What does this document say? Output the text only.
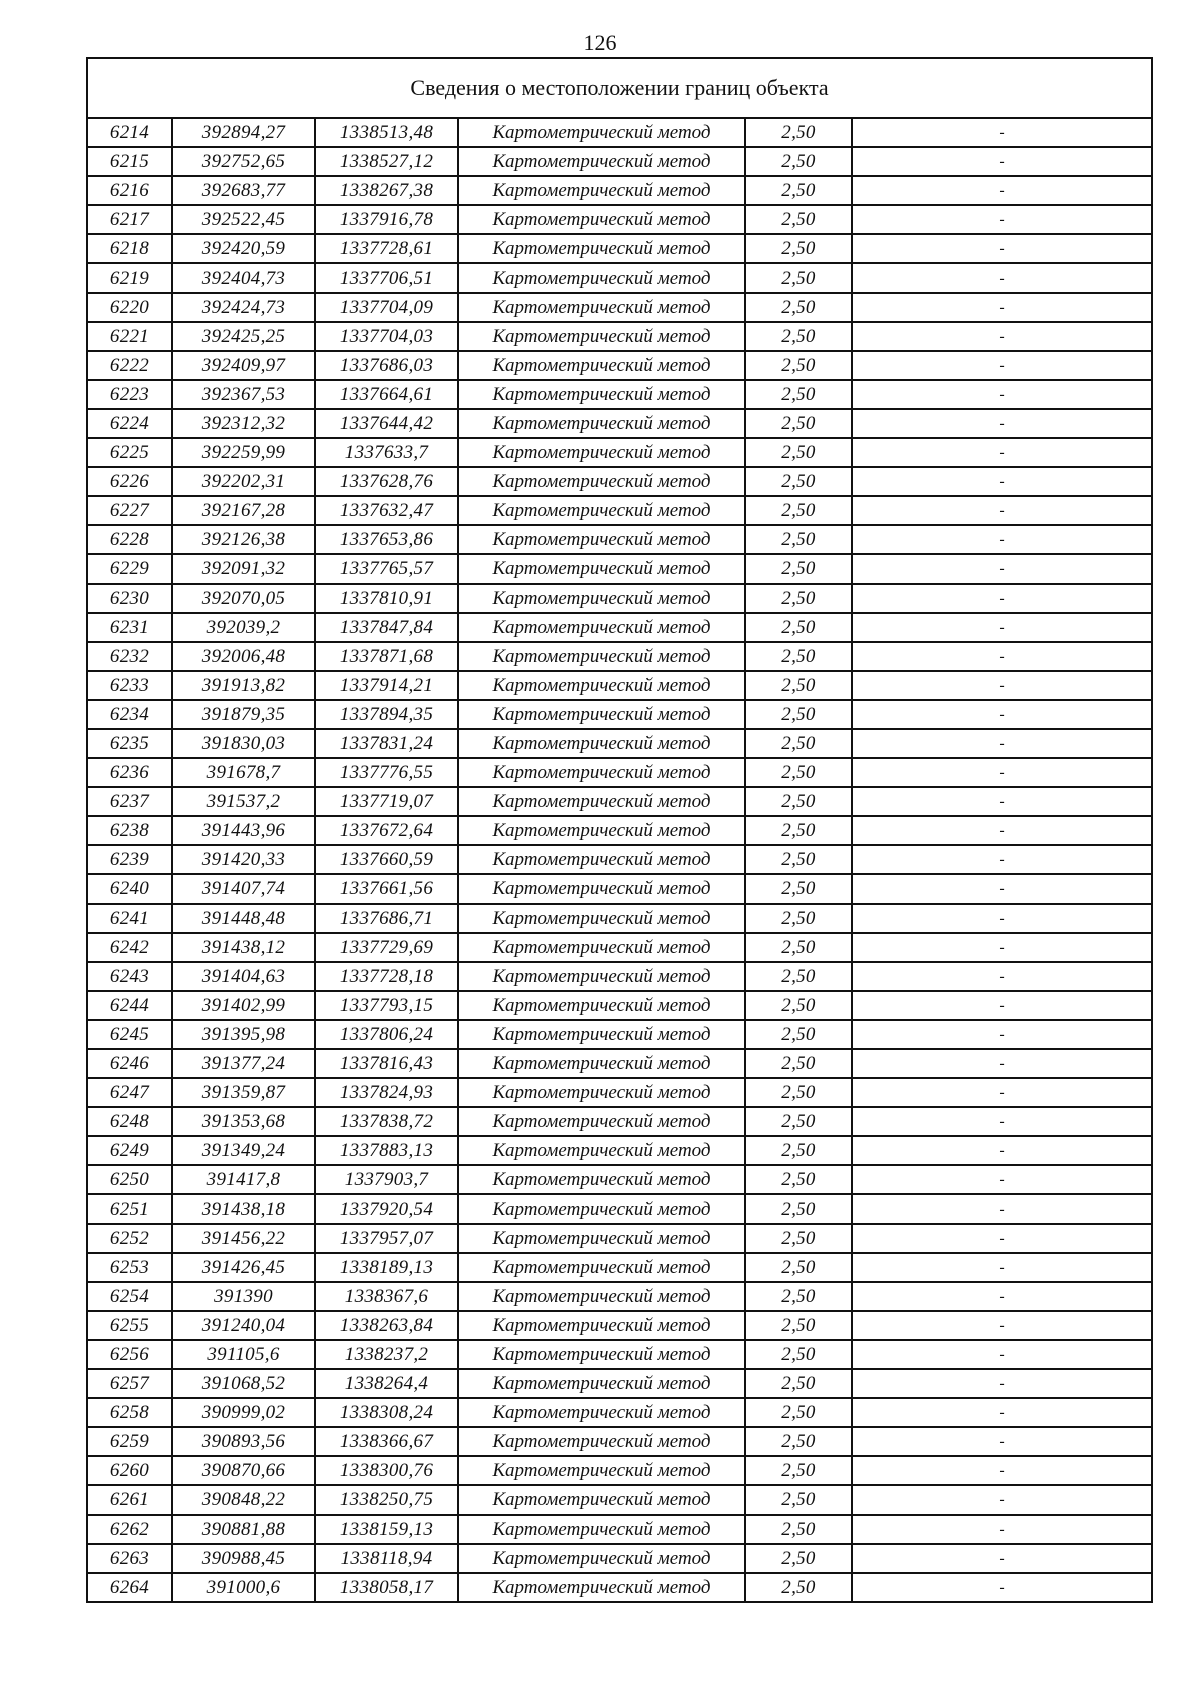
126
Сведения о местоположении границ объекта					
6214	392894,27	1338513,48	Картометрический метод	2,50	-
6215	392752,65	1338527,12	Картометрический метод	2,50	-
6216	392683,77	1338267,38	Картометрический метод	2,50	-
6217	392522,45	1337916,78	Картометрический метод	2,50	-
6218	392420,59	1337728,61	Картометрический метод	2,50	-
6219	392404,73	1337706,51	Картометрический метод	2,50	-
6220	392424,73	1337704,09	Картометрический метод	2,50	-
6221	392425,25	1337704,03	Картометрический метод	2,50	-
6222	392409,97	1337686,03	Картометрический метод	2,50	-
6223	392367,53	1337664,61	Картометрический метод	2,50	-
6224	392312,32	1337644,42	Картометрический метод	2,50	-
6225	392259,99	1337633,7	Картометрический метод	2,50	-
6226	392202,31	1337628,76	Картометрический метод	2,50	-
6227	392167,28	1337632,47	Картометрический метод	2,50	-
6228	392126,38	1337653,86	Картометрический метод	2,50	-
6229	392091,32	1337765,57	Картометрический метод	2,50	-
6230	392070,05	1337810,91	Картометрический метод	2,50	-
6231	392039,2	1337847,84	Картометрический метод	2,50	-
6232	392006,48	1337871,68	Картометрический метод	2,50	-
6233	391913,82	1337914,21	Картометрический метод	2,50	-
6234	391879,35	1337894,35	Картометрический метод	2,50	-
6235	391830,03	1337831,24	Картометрический метод	2,50	-
6236	391678,7	1337776,55	Картометрический метод	2,50	-
6237	391537,2	1337719,07	Картометрический метод	2,50	-
6238	391443,96	1337672,64	Картометрический метод	2,50	-
6239	391420,33	1337660,59	Картометрический метод	2,50	-
6240	391407,74	1337661,56	Картометрический метод	2,50	-
6241	391448,48	1337686,71	Картометрический метод	2,50	-
6242	391438,12	1337729,69	Картометрический метод	2,50	-
6243	391404,63	1337728,18	Картометрический метод	2,50	-
6244	391402,99	1337793,15	Картометрический метод	2,50	-
6245	391395,98	1337806,24	Картометрический метод	2,50	-
6246	391377,24	1337816,43	Картометрический метод	2,50	-
6247	391359,87	1337824,93	Картометрический метод	2,50	-
6248	391353,68	1337838,72	Картометрический метод	2,50	-
6249	391349,24	1337883,13	Картометрический метод	2,50	-
6250	391417,8	1337903,7	Картометрический метод	2,50	-
6251	391438,18	1337920,54	Картометрический метод	2,50	-
6252	391456,22	1337957,07	Картометрический метод	2,50	-
6253	391426,45	1338189,13	Картометрический метод	2,50	-
6254	391390	1338367,6	Картометрический метод	2,50	-
6255	391240,04	1338263,84	Картометрический метод	2,50	-
6256	391105,6	1338237,2	Картометрический метод	2,50	-
6257	391068,52	1338264,4	Картометрический метод	2,50	-
6258	390999,02	1338308,24	Картометрический метод	2,50	-
6259	390893,56	1338366,67	Картометрический метод	2,50	-
6260	390870,66	1338300,76	Картометрический метод	2,50	-
6261	390848,22	1338250,75	Картометрический метод	2,50	-
6262	390881,88	1338159,13	Картометрический метод	2,50	-
6263	390988,45	1338118,94	Картометрический метод	2,50	-
6264	391000,6	1338058,17	Картометрический метод	2,50	-
